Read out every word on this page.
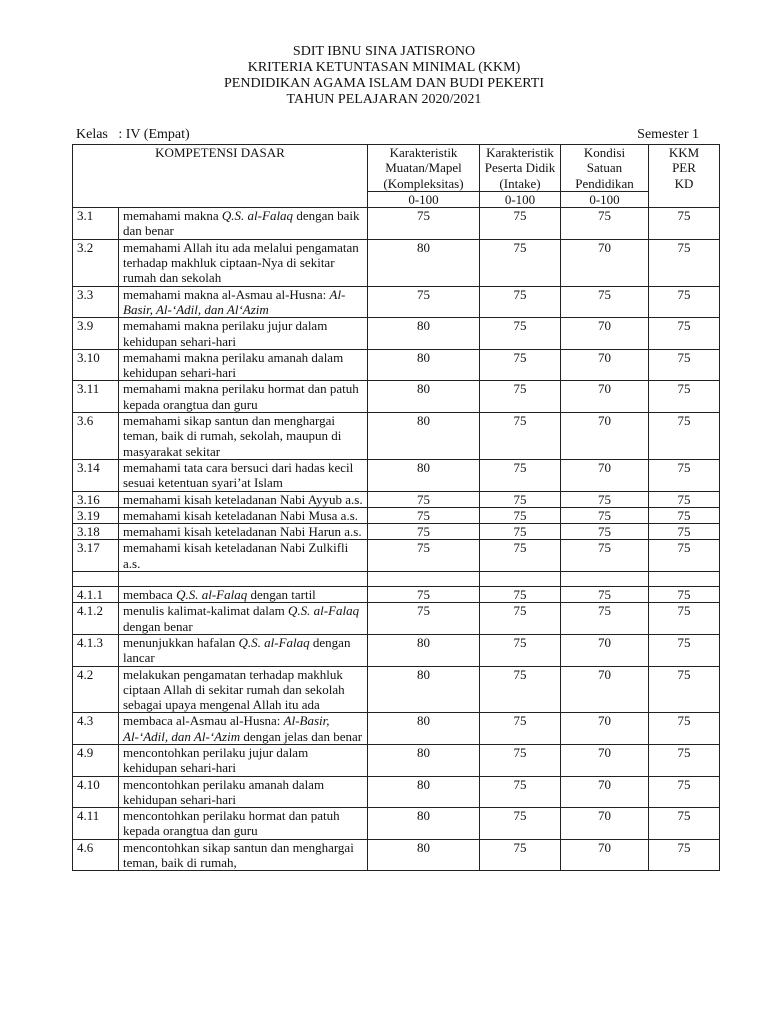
SDIT IBNU SINA JATISRONO
KRITERIA KETUNTASAN MINIMAL (KKM)
PENDIDIKAN AGAMA ISLAM DAN BUDI PEKERTI
TAHUN PELAJARAN 2020/2021
Kelas   : IV (Empat)	Semester 1
KOMPETENSI DASAR		Karakteristik Muatan/Mapel (Kompleksitas)	Karakteristik Peserta Didik (Intake)	Kondisi Satuan Pendidikan	KKM PER KD
		0-100	0-100	0-100	
3.1	memahami makna Q.S. al-Falaq dengan baik dan benar	75	75	75	75
3.2	memahami Allah itu ada melalui pengamatan terhadap makhluk ciptaan-Nya di sekitar rumah dan sekolah	80	75	70	75
3.3	memahami makna al-Asmau al-Husna: Al-Basir, Al-‘Adil, dan Al‘Azim	75	75	75	75
3.9	memahami makna perilaku jujur dalam kehidupan sehari-hari	80	75	70	75
3.10	memahami makna perilaku amanah dalam kehidupan sehari-hari	80	75	70	75
3.11	memahami makna perilaku hormat dan patuh kepada orangtua dan guru	80	75	70	75
3.6	memahami sikap santun dan menghargai teman, baik di rumah, sekolah, maupun di masyarakat sekitar	80	75	70	75
3.14	memahami tata cara bersuci dari hadas kecil sesuai ketentuan syari’at Islam	80	75	70	75
3.16	memahami kisah keteladanan Nabi Ayyub a.s.	75	75	75	75
3.19	memahami kisah keteladanan Nabi Musa a.s.	75	75	75	75
3.18	memahami kisah keteladanan Nabi Harun a.s.	75	75	75	75
3.17	memahami kisah keteladanan Nabi Zulkifli a.s.	75	75	75	75

4.1.1	membaca Q.S. al-Falaq dengan tartil	75	75	75	75
4.1.2	menulis kalimat-kalimat dalam Q.S. al-Falaq dengan benar	75	75	75	75
4.1.3	menunjukkan hafalan Q.S. al-Falaq dengan lancar	80	75	70	75
4.2	melakukan pengamatan terhadap makhluk ciptaan Allah di sekitar rumah dan sekolah sebagai upaya mengenal Allah itu ada	80	75	70	75
4.3	membaca al-Asmau al-Husna: Al-Basir, Al-‘Adil, dan Al-‘Azim dengan jelas dan benar	80	75	70	75
4.9	mencontohkan perilaku jujur dalam kehidupan sehari-hari	80	75	70	75
4.10	mencontohkan perilaku amanah dalam kehidupan sehari-hari	80	75	70	75
4.11	mencontohkan perilaku hormat dan patuh kepada orangtua dan guru	80	75	70	75
4.6	mencontohkan sikap santun dan menghargai teman, baik di rumah,	80	75	70	75
